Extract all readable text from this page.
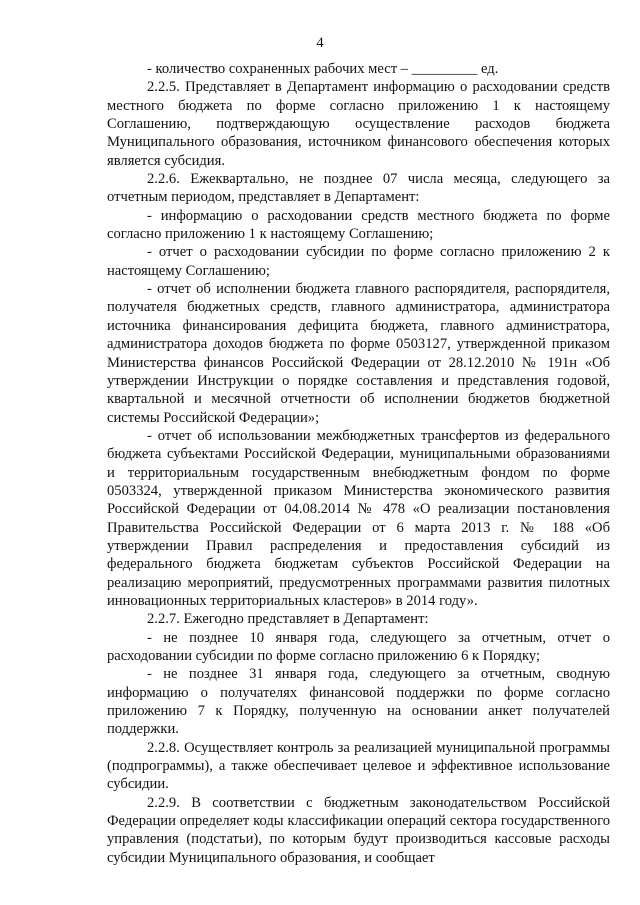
4

- количество сохраненных рабочих мест – _________ ед.

2.2.5. Представляет в Департамент информацию о расходовании средств местного бюджета по форме согласно приложению 1 к настоящему Соглашению, подтверждающую осуществление расходов бюджета Муниципального образования, источником финансового обеспечения которых является субсидия.

2.2.6. Ежеквартально, не позднее 07 числа месяца, следующего за отчетным периодом, представляет в Департамент:

- информацию о расходовании средств местного бюджета по форме согласно приложению 1 к настоящему Соглашению;

- отчет о расходовании субсидии по форме согласно приложению 2 к настоящему Соглашению;

- отчет об исполнении бюджета главного распорядителя, распорядителя, получателя бюджетных средств, главного администратора, администратора источника финансирования дефицита бюджета, главного администратора, администратора доходов бюджета по форме 0503127, утвержденной приказом Министерства финансов Российской Федерации от 28.12.2010 № 191н «Об утверждении Инструкции о порядке составления и представления годовой, квартальной и месячной отчетности об исполнении бюджетов бюджетной системы Российской Федерации»;

- отчет об использовании межбюджетных трансфертов из федерального бюджета субъектами Российской Федерации, муниципальными образованиями и территориальным государственным внебюджетным фондом по форме 0503324, утвержденной приказом Министерства экономического развития Российской Федерации от 04.08.2014 № 478 «О реализации постановления Правительства Российской Федерации от 6 марта 2013 г. № 188 «Об утверждении Правил распределения и предоставления субсидий из федерального бюджета бюджетам субъектов Российской Федерации на реализацию мероприятий, предусмотренных программами развития пилотных инновационных территориальных кластеров» в 2014 году».

2.2.7. Ежегодно представляет в Департамент:

- не позднее 10 января года, следующего за отчетным, отчет о расходовании субсидии по форме согласно приложению 6 к Порядку;

- не позднее 31 января года, следующего за отчетным, сводную информацию о получателях финансовой поддержки по форме согласно приложению 7 к Порядку, полученную на основании анкет получателей поддержки.

2.2.8. Осуществляет контроль за реализацией муниципальной программы (подпрограммы), а также обеспечивает целевое и эффективное использование субсидии.

2.2.9. В соответствии с бюджетным законодательством Российской Федерации определяет коды классификации операций сектора государственного управления (подстатьи), по которым будут производиться кассовые расходы субсидии Муниципального образования, и сообщает
